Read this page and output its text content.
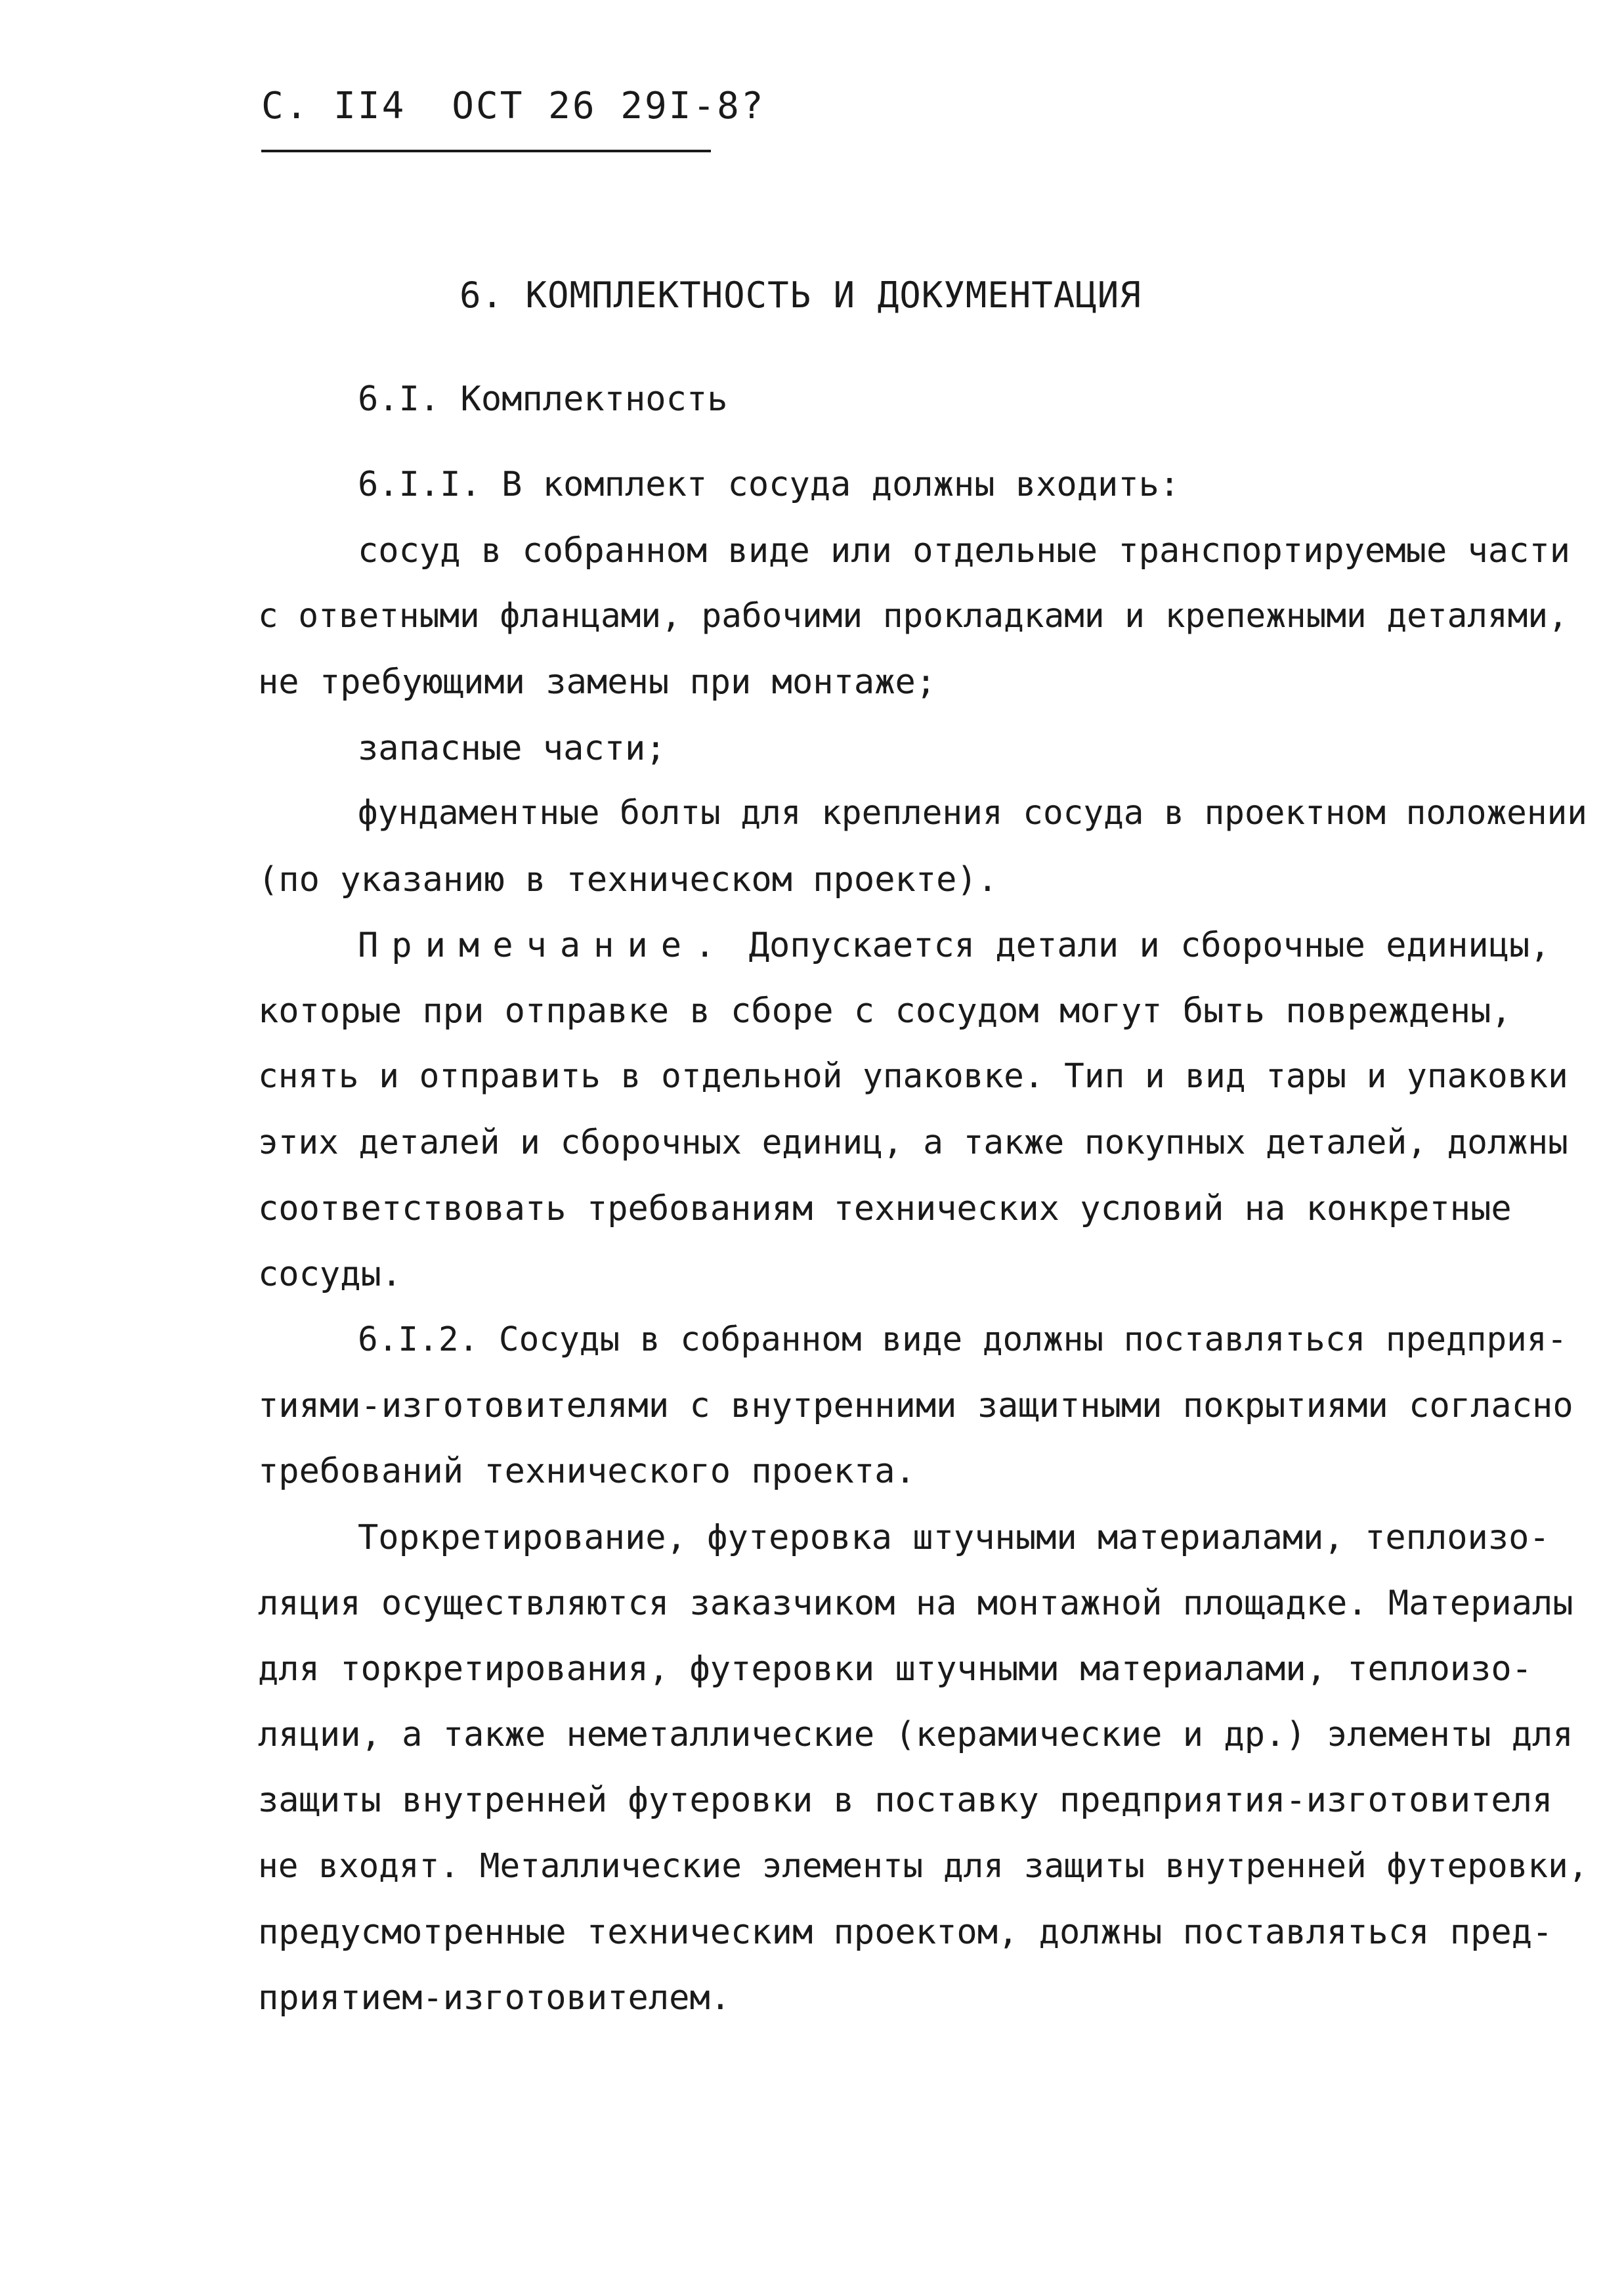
С. II4 ОСТ 26 29I-8?
6. КОМПЛЕКТНОСТЬ И ДОКУМЕНТАЦИЯ
6.I. Комплектность
6.I.I. В комплект сосуда должны входить:
сосуд в собранном виде или отдельные транспортируемые части
с ответными фланцами, рабочими прокладками и крепежными деталями,
не требующими замены при монтаже;
запасные части;
фундаментные болты для крепления сосуда в проектном положении
(по указанию в техническом проекте).
Примечание. Допускается детали и сборочные единицы,
которые при отправке в сборе с сосудом могут быть повреждены,
снять и отправить в отдельной упаковке. Тип и вид тары и упаковки
этих деталей и сборочных единиц, а также покупных деталей, должны
соответствовать требованиям технических условий на конкретные
сосуды.
6.I.2. Сосуды в собранном виде должны поставляться предприя-
тиями-изготовителями с внутренними защитными покрытиями согласно
требований технического проекта.
Торкретирование, футеровка штучными материалами, теплоизо-
ляция осуществляются заказчиком на монтажной площадке. Материалы
для торкретирования, футеровки штучными материалами, теплоизо-
ляции, а также неметаллические (керамические и др.) элементы для
защиты внутренней футеровки в поставку предприятия-изготовителя
не входят. Металлические элементы для защиты внутренней футеровки,
предусмотренные техническим проектом, должны поставляться пред-
приятием-изготовителем.
